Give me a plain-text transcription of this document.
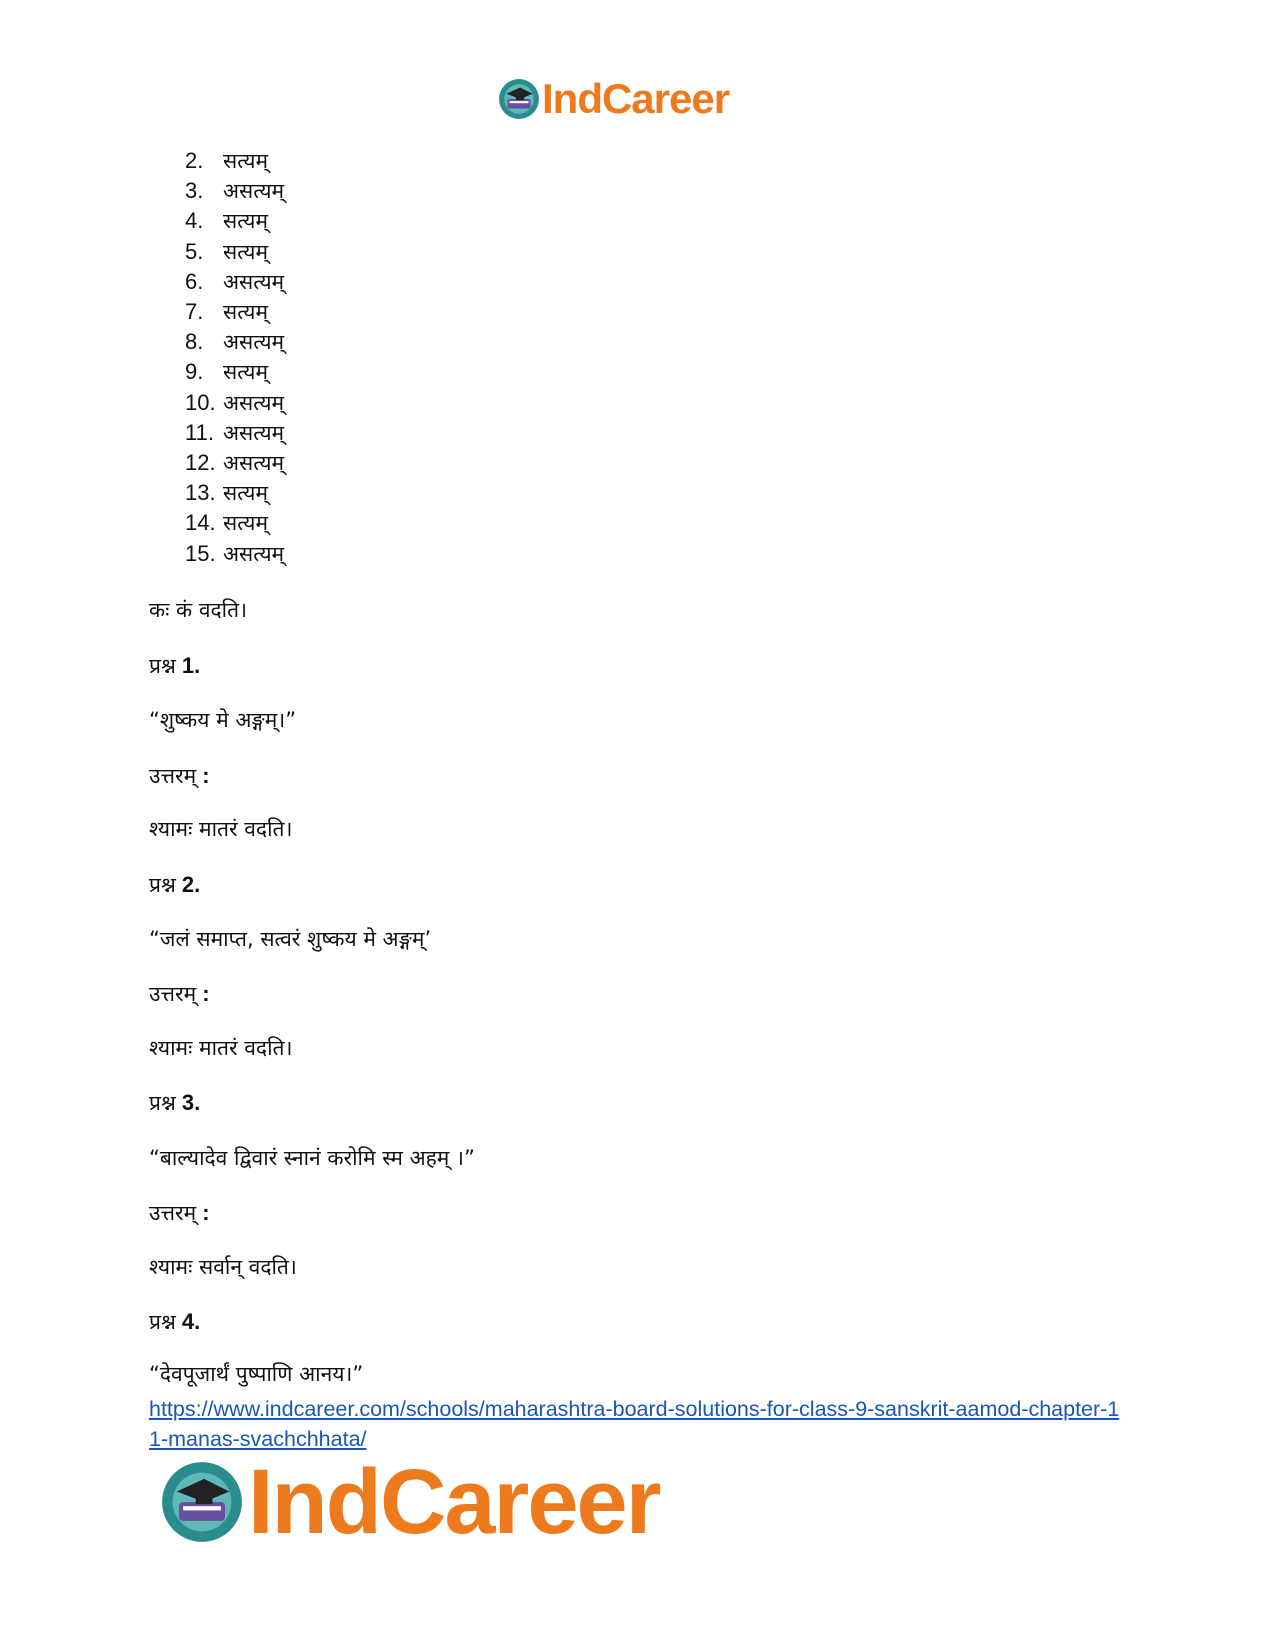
IndCareer
2. सत्यम्
3. असत्यम्
4. सत्यम्
5. सत्यम्
6. असत्यम्
7. सत्यम्
8. असत्यम्
9. सत्यम्
10. असत्यम्
11. असत्यम्
12. असत्यम्
13. सत्यम्
14. सत्यम्
15. असत्यम्
कः कं वदति।
प्रश्न 1.
“शुष्कय मे अङ्गम्।”
उत्तरम् :
श्यामः मातरं वदति।
प्रश्न 2.
“जलं समाप्त, सत्वरं शुष्कय मे अङ्गम्’
उत्तरम् :
श्यामः मातरं वदति।
प्रश्न 3.
“बाल्यादेव द्विवारं स्नानं करोमि स्म अहम् ।”
उत्तरम् :
श्यामः सर्वान् वदति।
प्रश्न 4.
“देवपूजार्थं पुष्पाणि आनय।”
https://www.indcareer.com/schools/maharashtra-board-solutions-for-class-9-sanskrit-aamod-chapter-11-manas-svachchhata/
IndCareer
